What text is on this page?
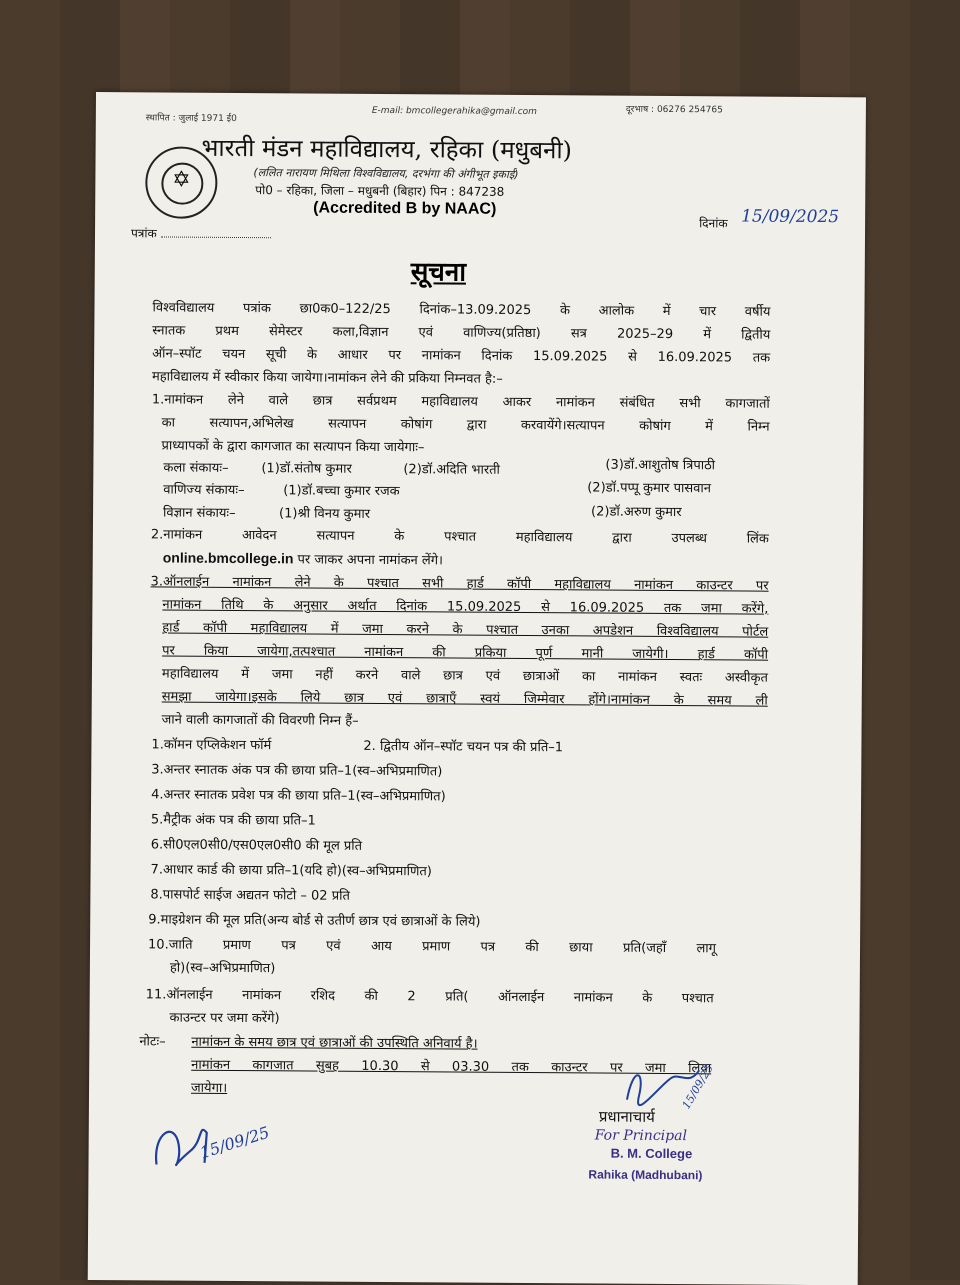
स्थापित : जुलाई 1971 ई0
E-mail: bmcollegerahika@gmail.com	दूरभाष : 06276 254765
✡
भारती मंडन महाविद्यालय, रहिका (मधुबनी)
(ललित नारायण मिथिला विश्वविद्यालय, दरभंगा की अंगीभूत इकाई)
पो0 – रहिका, जिला – मधुबनी (बिहार) पिन : 847238
(Accredited B by NAAC)
पत्रांक
दिनांक 15/09/2025
सूचना
विश्वविद्यालय पत्रांक छा0क0–122/25 दिनांक–13.09.2025 के आलोक में चार वर्षीय
स्नातक प्रथम सेमेस्टर कला,विज्ञान एवं वाणिज्य(प्रतिष्ठा) सत्र 2025–29 में द्वितीय
ऑन–स्पॉट चयन सूची के आधार पर नामांकन दिनांक 15.09.2025 से 16.09.2025 तक
महाविद्यालय में स्वीकार किया जायेगा।नामांकन लेने की प्रकिया निम्नवत है:–
1.नामांकन लेने वाले छात्र सर्वप्रथम महाविद्यालय आकर नामांकन संबंधित सभी कागजातों
का सत्यापन,अभिलेख सत्यापन कोषांग द्वारा करवायेंगे।सत्यापन कोषांग में निम्न
प्राध्यापकों के द्वारा कागजात का सत्यापन किया जायेगाः–
कला संकायः–	(1)डॉ.संतोष कुमार	(2)डॉ.अदिति भारती	(3)डॉ.आशुतोष त्रिपाठी
वाणिज्य संकायः–	(1)डॉ.बच्चा कुमार रजक	(2)डॉ.पप्पू कुमार पासवान
विज्ञान संकायः–	(1)श्री विनय कुमार	(2)डॉ.अरुण कुमार
2.नामांकन आवेदन सत्यापन के पश्चात महाविद्यालय द्वारा उपलब्ध लिंक
online.bmcollege.in पर जाकर अपना नामांकन लेंगे।
3.ऑनलाईन नामांकन लेने के पश्चात सभी हार्ड कॉपी महाविद्यालय नामांकन काउन्टर पर
नामांकन तिथि के अनुसार अर्थात दिनांक 15.09.2025 से 16.09.2025 तक जमा करेंगे,
हार्ड कॉपी महाविद्यालय में जमा करने के पश्चात उनका अपडेशन विश्वविद्यालय पोर्टल
पर किया जायेगा,तत्पश्चात नामांकन की प्रकिया पूर्ण मानी जायेगी। हार्ड कॉपी
महाविद्यालय में जमा नहीं करने वाले छात्र एवं छात्राओं का नामांकन स्वतः अस्वीकृत
समझा जायेगा।इसके लिये छात्र एवं छात्राएँ स्वयं जिम्मेवार होंगे।नामांकन के समय ली
जाने वाली कागजातों की विवरणी निम्न हैं–
1.कॉमन एप्लिकेशन फॉर्म	2. द्वितीय ऑन–स्पॉट चयन पत्र की प्रति–1
3.अन्तर स्नातक अंक पत्र की छाया प्रति–1(स्व–अभिप्रमाणित)
4.अन्तर स्नातक प्रवेश पत्र की छाया प्रति–1(स्व–अभिप्रमाणित)
5.मैट्रीक अंक पत्र की छाया प्रति–1
6.सी0एल0सी0/एस0एल0सी0 की मूल प्रति
7.आधार कार्ड की छाया प्रति–1(यदि हो)(स्व–अभिप्रमाणित)
8.पासपोर्ट साईज अद्यतन फोटो – 02 प्रति
9.माइग्रेशन की मूल प्रति(अन्य बोर्ड से उतीर्ण छात्र एवं छात्राओं के लिये)
10.जाति प्रमाण पत्र एवं आय प्रमाण पत्र की छाया प्रति(जहाँ लागू
हो)(स्व–अभिप्रमाणित)
11.ऑनलाईन नामांकन रशिद की 2 प्रति( ऑनलाईन नामांकन के पश्चात
काउन्टर पर जमा करेंगे)
नोटः– नामांकन के समय छात्र एवं छात्राओं की उपस्थिति अनिवार्य है।
नामांकन कागजात सुबह 10.30 से 03.30 तक काउन्टर पर जमा लिया
जायेगा।
15/09/25
15/09/25
प्रधानाचार्य
For Principal
B. M. College
Rahika (Madhubani)
